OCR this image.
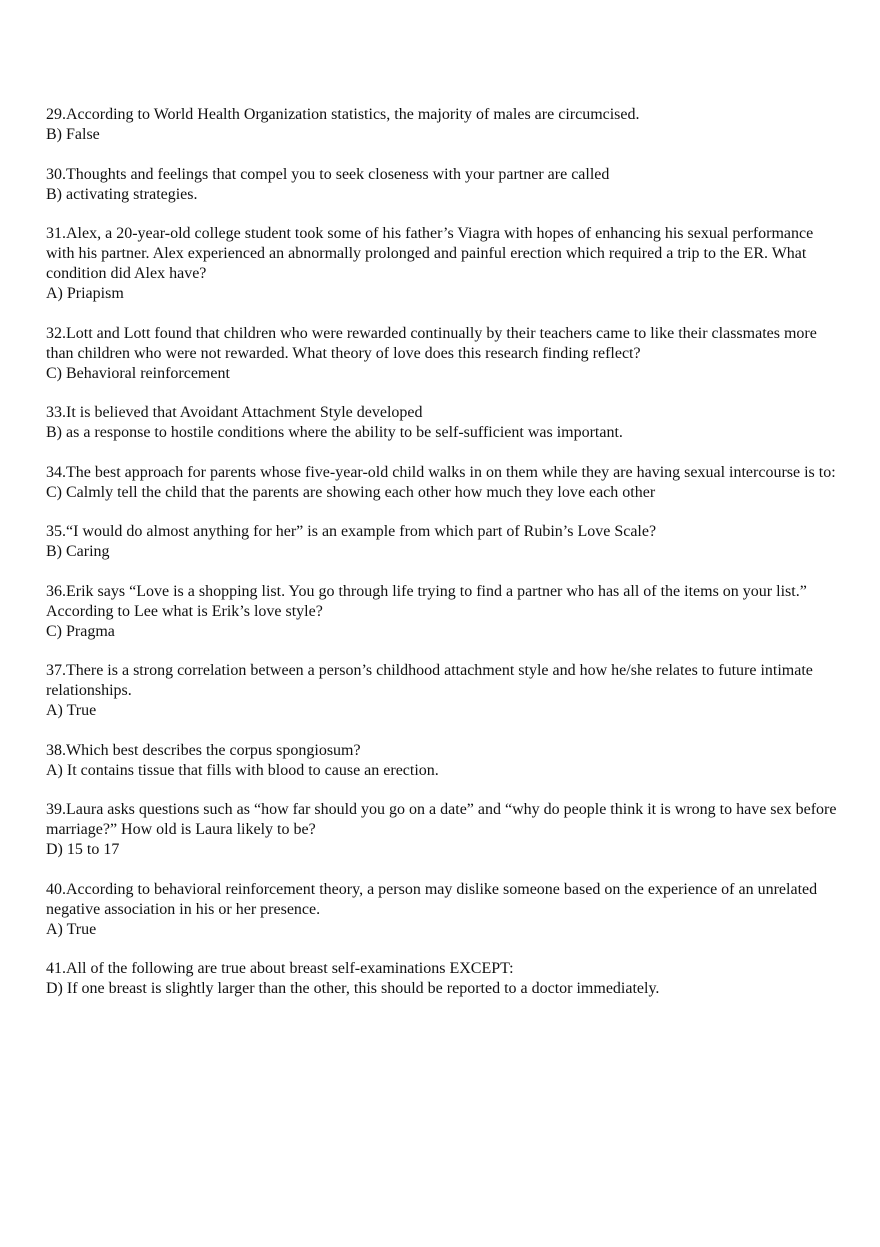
29.According to World Health Organization statistics, the majority of males are circumcised.

B) False

30.Thoughts and feelings that compel you to seek closeness with your partner are called

B) activating strategies.

31.Alex, a 20-year-old college student took some of his father’s Viagra with hopes of enhancing his sexual performance with his partner. Alex experienced an abnormally prolonged and painful erection which required a trip to the ER. What condition did Alex have?

A) Priapism

32.Lott and Lott found that children who were rewarded continually by their teachers came to like their classmates more than children who were not rewarded. What theory of love does this research finding reflect?

C) Behavioral reinforcement

33.It is believed that Avoidant Attachment Style developed

B) as a response to hostile conditions where the ability to be self-sufficient was important.

34.The best approach for parents whose five-year-old child walks in on them while they are having sexual intercourse is to:

C) Calmly tell the child that the parents are showing each other how much they love each other

35.“I would do almost anything for her” is an example from which part of Rubin’s Love Scale?

B) Caring

36.Erik says “Love is a shopping list. You go through life trying to find a partner who has all of the items on your list.” According to Lee what is Erik’s love style?

C) Pragma

37.There is a strong correlation between a person’s childhood attachment style and how he/she relates to future intimate relationships.

A) True

38.Which best describes the corpus spongiosum?

A) It contains tissue that fills with blood to cause an erection.

39.Laura asks questions such as “how far should you go on a date” and “why do people think it is wrong to have sex before marriage?” How old is Laura likely to be?

D) 15 to 17

40.According to behavioral reinforcement theory, a person may dislike someone based on the experience of an unrelated negative association in his or her presence.

A) True

41.All of the following are true about breast self-examinations EXCEPT:

D) If one breast is slightly larger than the other, this should be reported to a doctor immediately.
